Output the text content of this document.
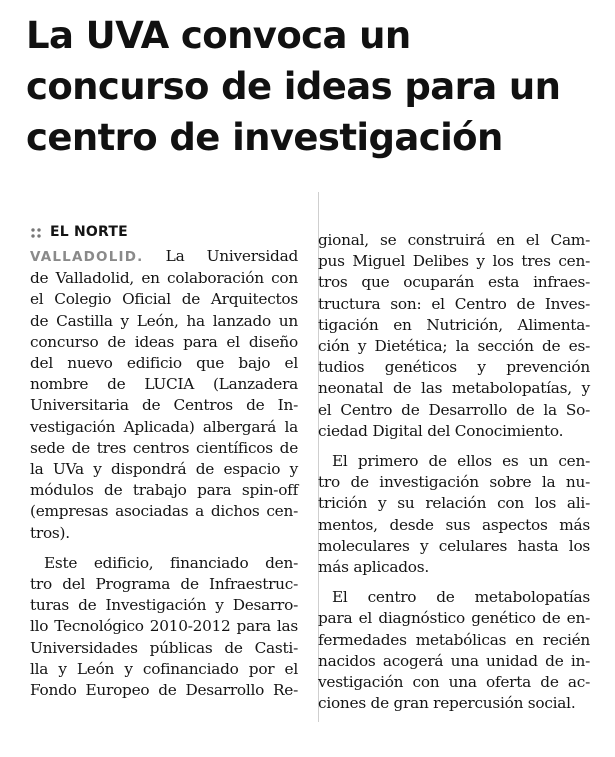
La UVA convoca un
concurso de ideas para un
centro de investigación
EL NORTE
VALLADOLID. La Universidad
de Valladolid, en colaboración con
el Colegio Oficial de Arquitectos
de Castilla y León, ha lanzado un
concurso de ideas para el diseño
del nuevo edificio que bajo el
nombre de LUCIA (Lanzadera
Universitaria de Centros de In-
vestigación Aplicada) albergará la
sede de tres centros científicos de
la UVa y dispondrá de espacio y
módulos de trabajo para spin-off
(empresas asociadas a dichos cen-
tros).
Este edificio, financiado den-
tro del Programa de Infraestruc-
turas de Investigación y Desarro-
llo Tecnológico 2010-2012 para las
Universidades públicas de Casti-
lla y León y cofinanciado por el
Fondo Europeo de Desarrollo Re-
gional, se construirá en el Cam-
pus Miguel Delibes y los tres cen-
tros que ocuparán esta infraes-
tructura son: el Centro de Inves-
tigación en Nutrición, Alimenta-
ción y Dietética; la sección de es-
tudios genéticos y prevención
neonatal de las metabolopatías, y
el Centro de Desarrollo de la So-
ciedad Digital del Conocimiento.
El primero de ellos es un cen-
tro de investigación sobre la nu-
trición y su relación con los ali-
mentos, desde sus aspectos más
moleculares y celulares hasta los
más aplicados.
El centro de metabolopatías
para el diagnóstico genético de en-
fermedades metabólicas en recién
nacidos acogerá una unidad de in-
vestigación con una oferta de ac-
ciones de gran repercusión social.
